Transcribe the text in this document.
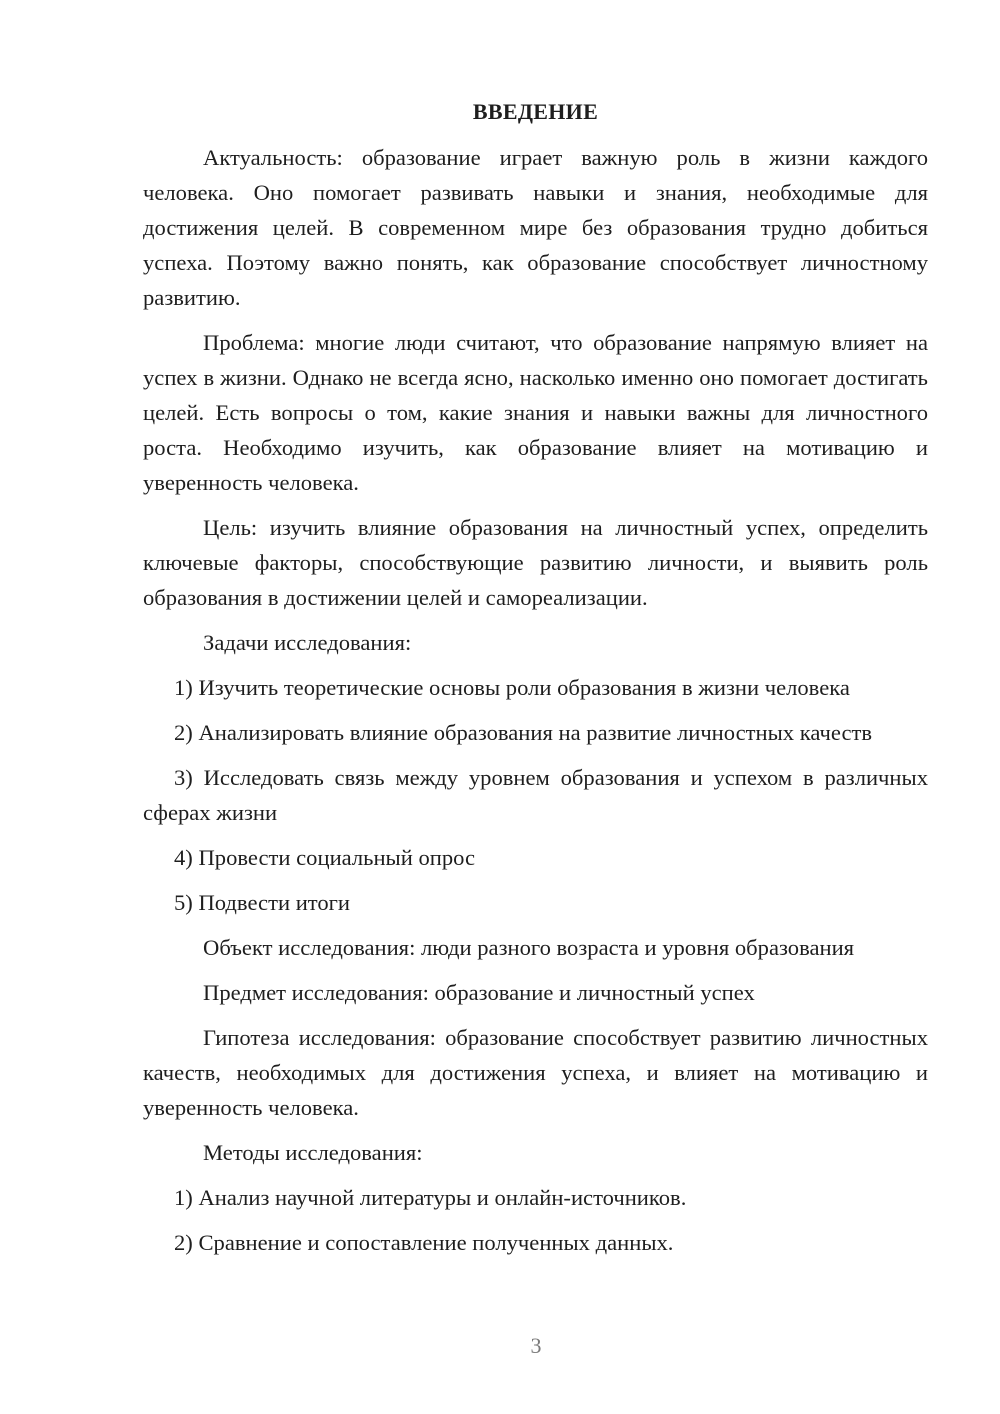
ВВЕДЕНИЕ

Актуальность: образование играет важную роль в жизни каждого человека. Оно помогает развивать навыки и знания, необходимые для достижения целей. В современном мире без образования трудно добиться успеха. Поэтому важно понять, как образование способствует личностному развитию.

Проблема: многие люди считают, что образование напрямую влияет на успех в жизни. Однако не всегда ясно, насколько именно оно помогает достигать целей. Есть вопросы о том, какие знания и навыки важны для личностного роста. Необходимо изучить, как образование влияет на мотивацию и уверенность человека.

Цель: изучить влияние образования на личностный успех, определить ключевые факторы, способствующие развитию личности, и выявить роль образования в достижении целей и самореализации.

Задачи исследования:

1) Изучить теоретические основы роли образования в жизни человека

2) Анализировать влияние образования на развитие личностных качеств

3) Исследовать связь между уровнем образования и успехом в различных сферах жизни

4) Провести социальный опрос

5) Подвести итоги

Объект исследования: люди разного возраста и уровня образования

Предмет исследования: образование и личностный успех

Гипотеза исследования: образование способствует развитию личностных качеств, необходимых для достижения успеха, и влияет на мотивацию и уверенность человека.

Методы исследования:

1) Анализ научной литературы и онлайн-источников.

2) Сравнение и сопоставление полученных данных.

3
